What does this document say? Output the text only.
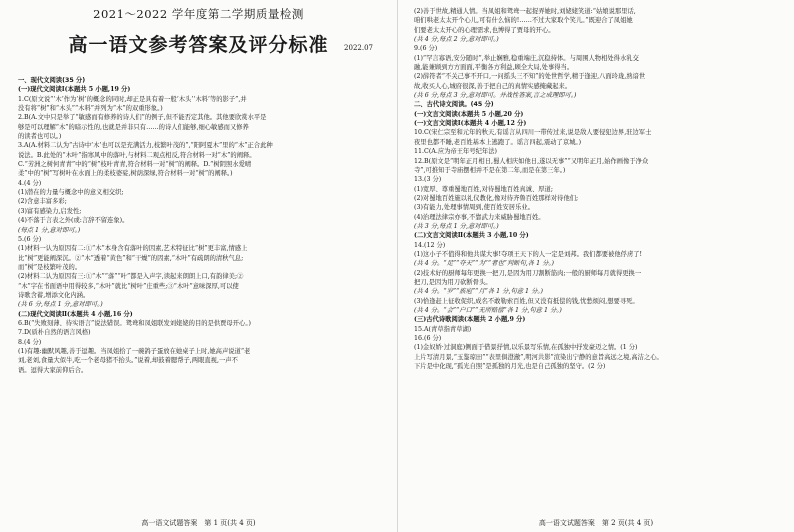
2021～2022 学年度第二学期质量检测
高一语文参考答案及评分标准	2022.07
一、现代文阅读(35 分)
(一)现代文阅读Ⅰ(本题共 5 小题,19 分)
1.C(原文说“‘木’作为‘树’的概念的同时,却正是具有着一般‘木头’‘木料’等的影子”,并
没有将“树”和“木头”“木料”并列为“木”的双重形象。)
2.B(A.文中只是举了“敏感而有修养的诗人们”的例子,但不能否定其他。其他要欣赏水平是
够是可以理解“木”的暗示性的,也就是并非只有……的诗人们能够,细心敏感而又修养
的读者也可以。)
3.A(A.材料二认为“古诗中‘木’也可以是充满活力,枝繁叶茂的”,“阳阿夏木”里的“木”正合此种
说法。B.此处的“木叶”指寒风中的落叶,与材料二观点相反,符合材料一对“木”的阐释。
C.“芳洲之树何青青”中的“树”枝叶青青,符合材料一对“树”的阐释。D.“树阴照水爱晴
柔”中的“树”写树叶在水面上的柔枝婆娑,树荫深绿,符合材料一对“树”的阐释。)
4.(4 分)
(1)潜在的力量与概念中的意义相交织;
(2)含意丰富多彩;
(3)富有感染力,启发性;
(4)不落于言表之外(或:言辞不留连象)。
(每点 1 分,意对即可。)
5.(6 分)
(1)材料一认为原因有二:①“木”本身含有落叶的因素,艺术特征比“树”更丰富,情感上
比“树”更能阐深沉。②“木”透着“黄色”和“干燥”的因素,“木叶”有疏朗的清秋气息;
而“树”是枝繁叶茂的。
(2)材料二认为原因有三:①“木”“落”“叶”都是入声字,读起来朗朗上口,有韵律美;②
“木”字在书面语中用得较多,“木叶”就比“树叶”庄重些;③“木叶”意味深厚,可以使
诗歌含蓄,增添文化内涵。
(共 6 分,每点 1 分,意对即可。)
(二)现代文阅读Ⅱ(本题共 4 小题,16 分)
6.B(“失败刻薄、待实语言”说法错误。鸳鸯和凤姐联发刘姥姥的目的是供贾母开心。)
7.D(质朴自然的语言风格)
8.(4 分)
(1)有趣:幽默风趣,善于逗趣。当凤姐拾了一碗鸽子蛋放在她桌子上时,她高声说道“老
刘,老刘,食量大似牛,吃一个老母猪不抬头。”说着,却鼓着腮帮子,两眼直视,一声不
语。逗得大家前仰后合。
高一语文试题答案　第 1 页(共 4 页)
(2)善于世故,精通人情。当凤姐和鸳鸯一起捉弄她时,刘姥姥笑道:“姑娘说那里话,
咱们哄老太太开个心儿,可有什么恼的!……不过大家取个笑儿。”既迎合了凤姐她
们要老太太开心的心理需求,也博得了贾母的开心。
(共 4 分,每点 2 分,意对即可。)
9.(6 分)
(1)“罕言寡语,安分随时”,举止娴雅,稳重端庄,沉稳持体。与周围人物相处得水乳交
融,能兼顾到方方面面,平衡各方利益,顾全大局,处事得当。
(2)薛符者“不关己事不开口,一问摇头三不知”的处世哲学,精于逢迎,八面玲珑,熟谙世
故,收买人心,城府很深,善于把自己的真情实感掩藏起来。
(共 6 分,每点 3 分,意对即可。并战性答案,言之成理即可。)
二、古代诗文阅读。(45 分)
(一)文言文阅读(本题共 5 小题,20 分)
(一)文言文阅读Ⅰ(本题共 4 小题,12 分)
10.C(宋仁宗至和元年的秋天,有谣言从四川一带传过来,说是敌人要侵犯边界,驻边军士
夜里也都不睡,老百姓基本上逃跑了。谣言四起,震动了京城。)
11.C(A.应为帝王年号纪年法)
12.B(原文是“明年正月相日,蜀人相庆如他日,遂以无事”“又明年正月,始作画像于净众
寺”,可推知于寺庙摆相并不是在第二年,而是在第三年。)
13.(3 分)
(1)宽厚、尊重蜀地百姓,对待蜀地百姓真诚、厚道;
(2)对蜀地百姓施以礼仪教化,像对待齐鲁百姓那样对待他们;
(3)有能力,处理事情周到,使百姓安居乐业。
(4)治理法律宗亦事,不靠武力来威胁蜀地百姓。
(共 3 分,每点 1 分,意对即可。)
(二)文言文阅读Ⅱ(本题共 3 小题,10 分)
14.(12 分)
(1)这小子不值得和他共谋大事!夺项王天下的人一定是刘邦。我们都要被他俘虏了!
(共 4 分。“足”“夺天”“为”“者也”判断句,各 1 分。)
(2)技术好的厨师每年更换一把刀,是因为用刀割断筋肉;一般的厨师每月就得更换一
把刀,是因为用刀砍断骨头。
(共 4 分。“岁”“族庖”“月”各 1 分,句意 1 分。)
(3)恰逢赶上征收促织,成名不敢勒索百姓,但又没有抵偿的钱,忧愁烦闷,想要寻死。
(共 4 分。“会”“户口”“无所赔偿”各 1 分,句意 1 分。)
(三)古代诗歌阅读(本题共 2 小题,9 分)
15.A(青草指青草湖)
16.(6 分)
(1)金奴娇·过洞庭)侧面于借景抒情,以乐景写乐情,在孤独中抒发豪迈之情。(1 分)
上片写清月景,“玉鉴琼田”“表里俱澄澈”,明河共影”渲染出宁静的意旨高远之境,高洁之心。
下片是中化现,“孤光自照”是孤独的月光,也是自己孤独的坚守。(2 分)
高一语文试题答案　第 2 页(共 4 页)
